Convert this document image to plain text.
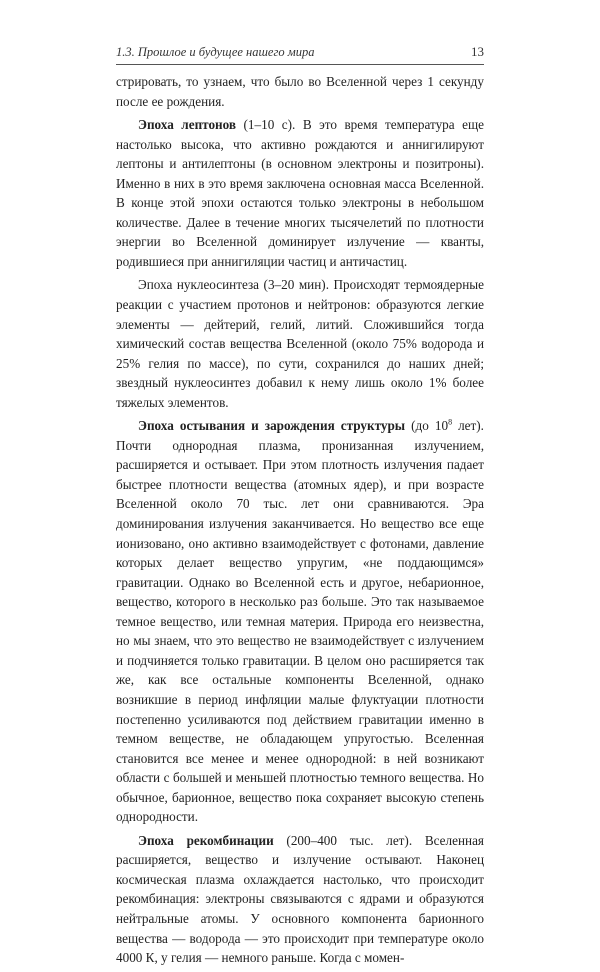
1.3. Прошлое и будущее нашего мира	13

стрировать, то узнаем, что было во Вселенной через 1 секунду после ее рождения.

Эпоха лептонов (1–10 с). В это время температура еще настолько высока, что активно рождаются и аннигилируют лептоны и антилептоны (в основном электроны и позитроны). Именно в них в это время заключена основная масса Вселенной. В конце этой эпохи остаются только электроны в небольшом количестве. Далее в течение многих тысячелетий по плотности энергии во Вселенной доминирует излучение — кванты, родившиеся при аннигиляции частиц и античастиц.

Эпоха нуклеосинтеза (3–20 мин). Происходят термоядерные реакции с участием протонов и нейтронов: образуются легкие элементы — дейтерий, гелий, литий. Сложившийся тогда химический состав вещества Вселенной (около 75% водорода и 25% гелия по массе), по сути, сохранился до наших дней; звездный нуклеосинтез добавил к нему лишь около 1% более тяжелых элементов.

Эпоха остывания и зарождения структуры (до $10^8$ лет). Почти однородная плазма, пронизанная излучением, расширяется и остывает. При этом плотность излучения падает быстрее плотности вещества (атомных ядер), и при возрасте Вселенной около 70 тыс. лет они сравниваются. Эра доминирования излучения заканчивается. Но вещество все еще ионизовано, оно активно взаимодействует с фотонами, давление которых делает вещество упругим, «не поддающимся» гравитации. Однако во Вселенной есть и другое, небарионное, вещество, которого в несколько раз больше. Это так называемое темное вещество, или темная материя. Природа его неизвестна, но мы знаем, что это вещество не взаимодействует с излучением и подчиняется только гравитации. В целом оно расширяется так же, как все остальные компоненты Вселенной, однако возникшие в период инфляции малые флуктуации плотности постепенно усиливаются под действием гравитации именно в темном веществе, не обладающем упругостью. Вселенная становится все менее и менее однородной: в ней возникают области с большей и меньшей плотностью темного вещества. Но обычное, барионное, вещество пока сохраняет высокую степень однородности.

Эпоха рекомбинации (200–400 тыс. лет). Вселенная расширяется, вещество и излучение остывают. Наконец космическая плазма охлаждается настолько, что происходит рекомбинация: электроны связываются с ядрами и образуются нейтральные атомы. У основного компонента барионного вещества — водорода — это происходит при температуре около 4000 К, у гелия — немного раньше. Когда с момен-
